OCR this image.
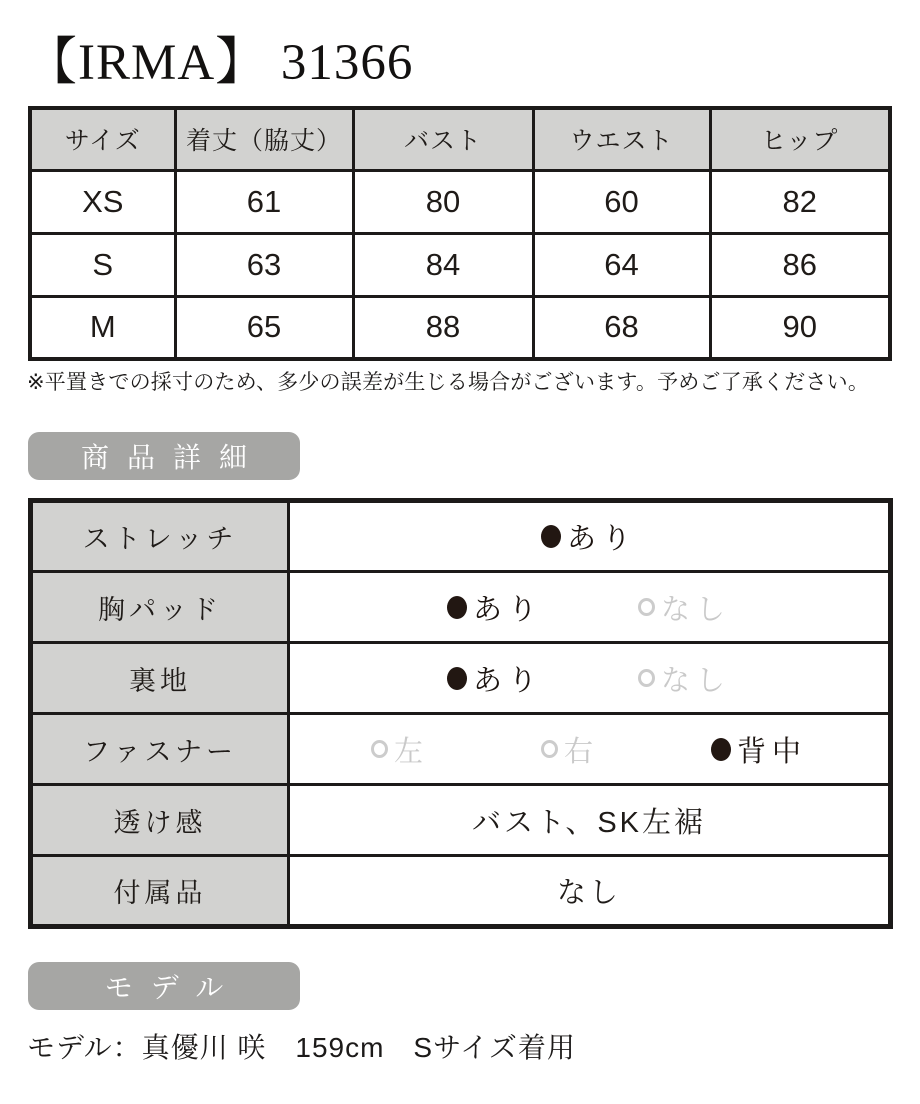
【IRMA】 31366
サイズ	着丈（脇丈）	バスト	ウエスト	ヒップ
XS	61	80	60	82
S	63	84	64	86
M	65	88	68	90

※平置きでの採寸のため、多少の誤差が生じる場合がございます。予めご了承ください。

商品詳細
ストレッチ	あり

胸パッド	あり なし

裏地	あり なし

ファスナー	左 右 背中

透け感	バスト、SK左裾
付属品	なし
モデル

モデル：真優川 咲　159cm　Sサイズ着用
